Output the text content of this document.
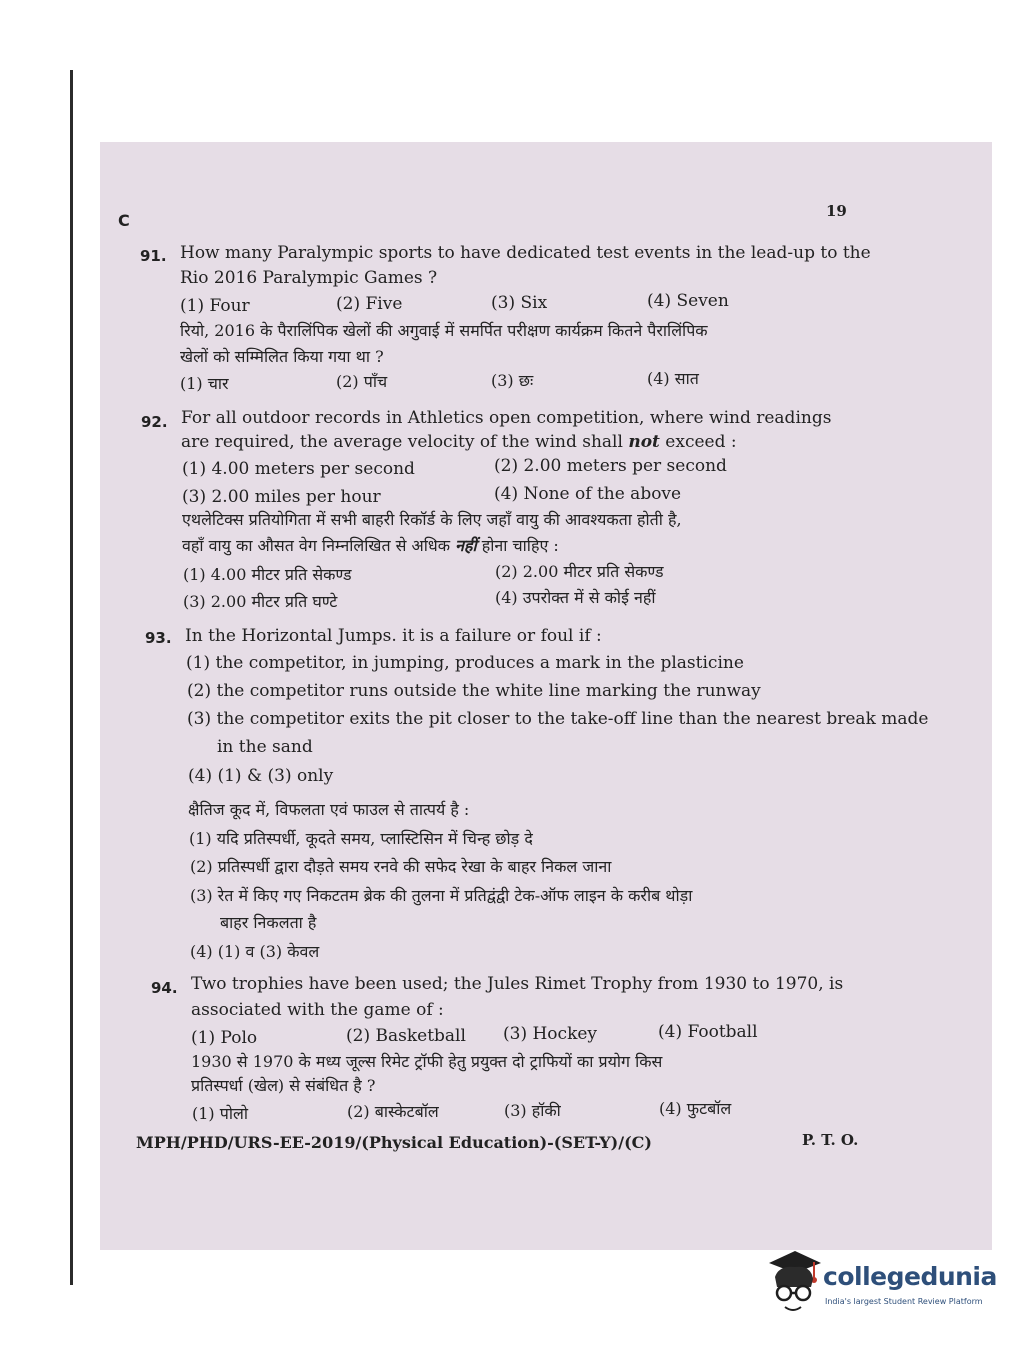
C	19
91. How many Paralympic sports to have dedicated test events in the lead-up to the
Rio 2016 Paralympic Games ?
(1) Four	(2) Five	(3) Six	(4) Seven
रियो, 2016 के पैरालिंपिक खेलों की अगुवाई में समर्पित परीक्षण कार्यक्रम कितने पैरालिंपिक
खेलों को सम्मिलित किया गया था ?
(1) चार	(2) पाँच	(3) छः	(4) सात
92. For all outdoor records in Athletics open competition, where wind readings
are required, the average velocity of the wind shall not exceed :
(1) 4.00 meters per second	(2) 2.00 meters per second
(3) 2.00 miles per hour	(4) None of the above
एथलेटिक्स प्रतियोगिता में सभी बाहरी रिकॉर्ड के लिए जहाँ वायु की आवश्यकता होती है,
वहाँ वायु का औसत वेग निम्नलिखित से अधिक नहीं होना चाहिए :
(1) 4.00 मीटर प्रति सेकण्ड	(2) 2.00 मीटर प्रति सेकण्ड
(3) 2.00 मीटर प्रति घण्टे	(4) उपरोक्त में से कोई नहीं
93. In the Horizontal Jumps. it is a failure or foul if :
(1) the competitor, in jumping, produces a mark in the plasticine
(2) the competitor runs outside the white line marking the runway
(3) the competitor exits the pit closer to the take-off line than the nearest break made
in the sand
(4) (1) & (3) only
क्षैतिज कूद में, विफलता एवं फाउल से तात्पर्य है :
(1) यदि प्रतिस्पर्धी, कूदते समय, प्लास्टिसिन में चिन्ह छोड़ दे
(2) प्रतिस्पर्धी द्वारा दौड़ते समय रनवे की सफेद रेखा के बाहर निकल जाना
(3) रेत में किए गए निकटतम ब्रेक की तुलना में प्रतिद्वंद्वी टेक-ऑफ लाइन के करीब थोड़ा
बाहर निकलता है
(4) (1) व (3) केवल
94. Two trophies have been used; the Jules Rimet Trophy from 1930 to 1970, is
associated with the game of :
(1) Polo	(2) Basketball (3) Hockey	(4) Football
1930 से 1970 के मध्य जूल्स रिमेट ट्रॉफी हेतु प्रयुक्त दो ट्राफियों का प्रयोग किस
प्रतिस्पर्धा (खेल) से संबंधित है ?
(1) पोलो	(2) बास्केटबॉल	(3) हॉकी	(4) फुटबॉल
MPH/PHD/URS-EE-2019/(Physical Education)-(SET-Y)/(C)	P. T. O.
collegedunia
India's largest Student Review Platform
